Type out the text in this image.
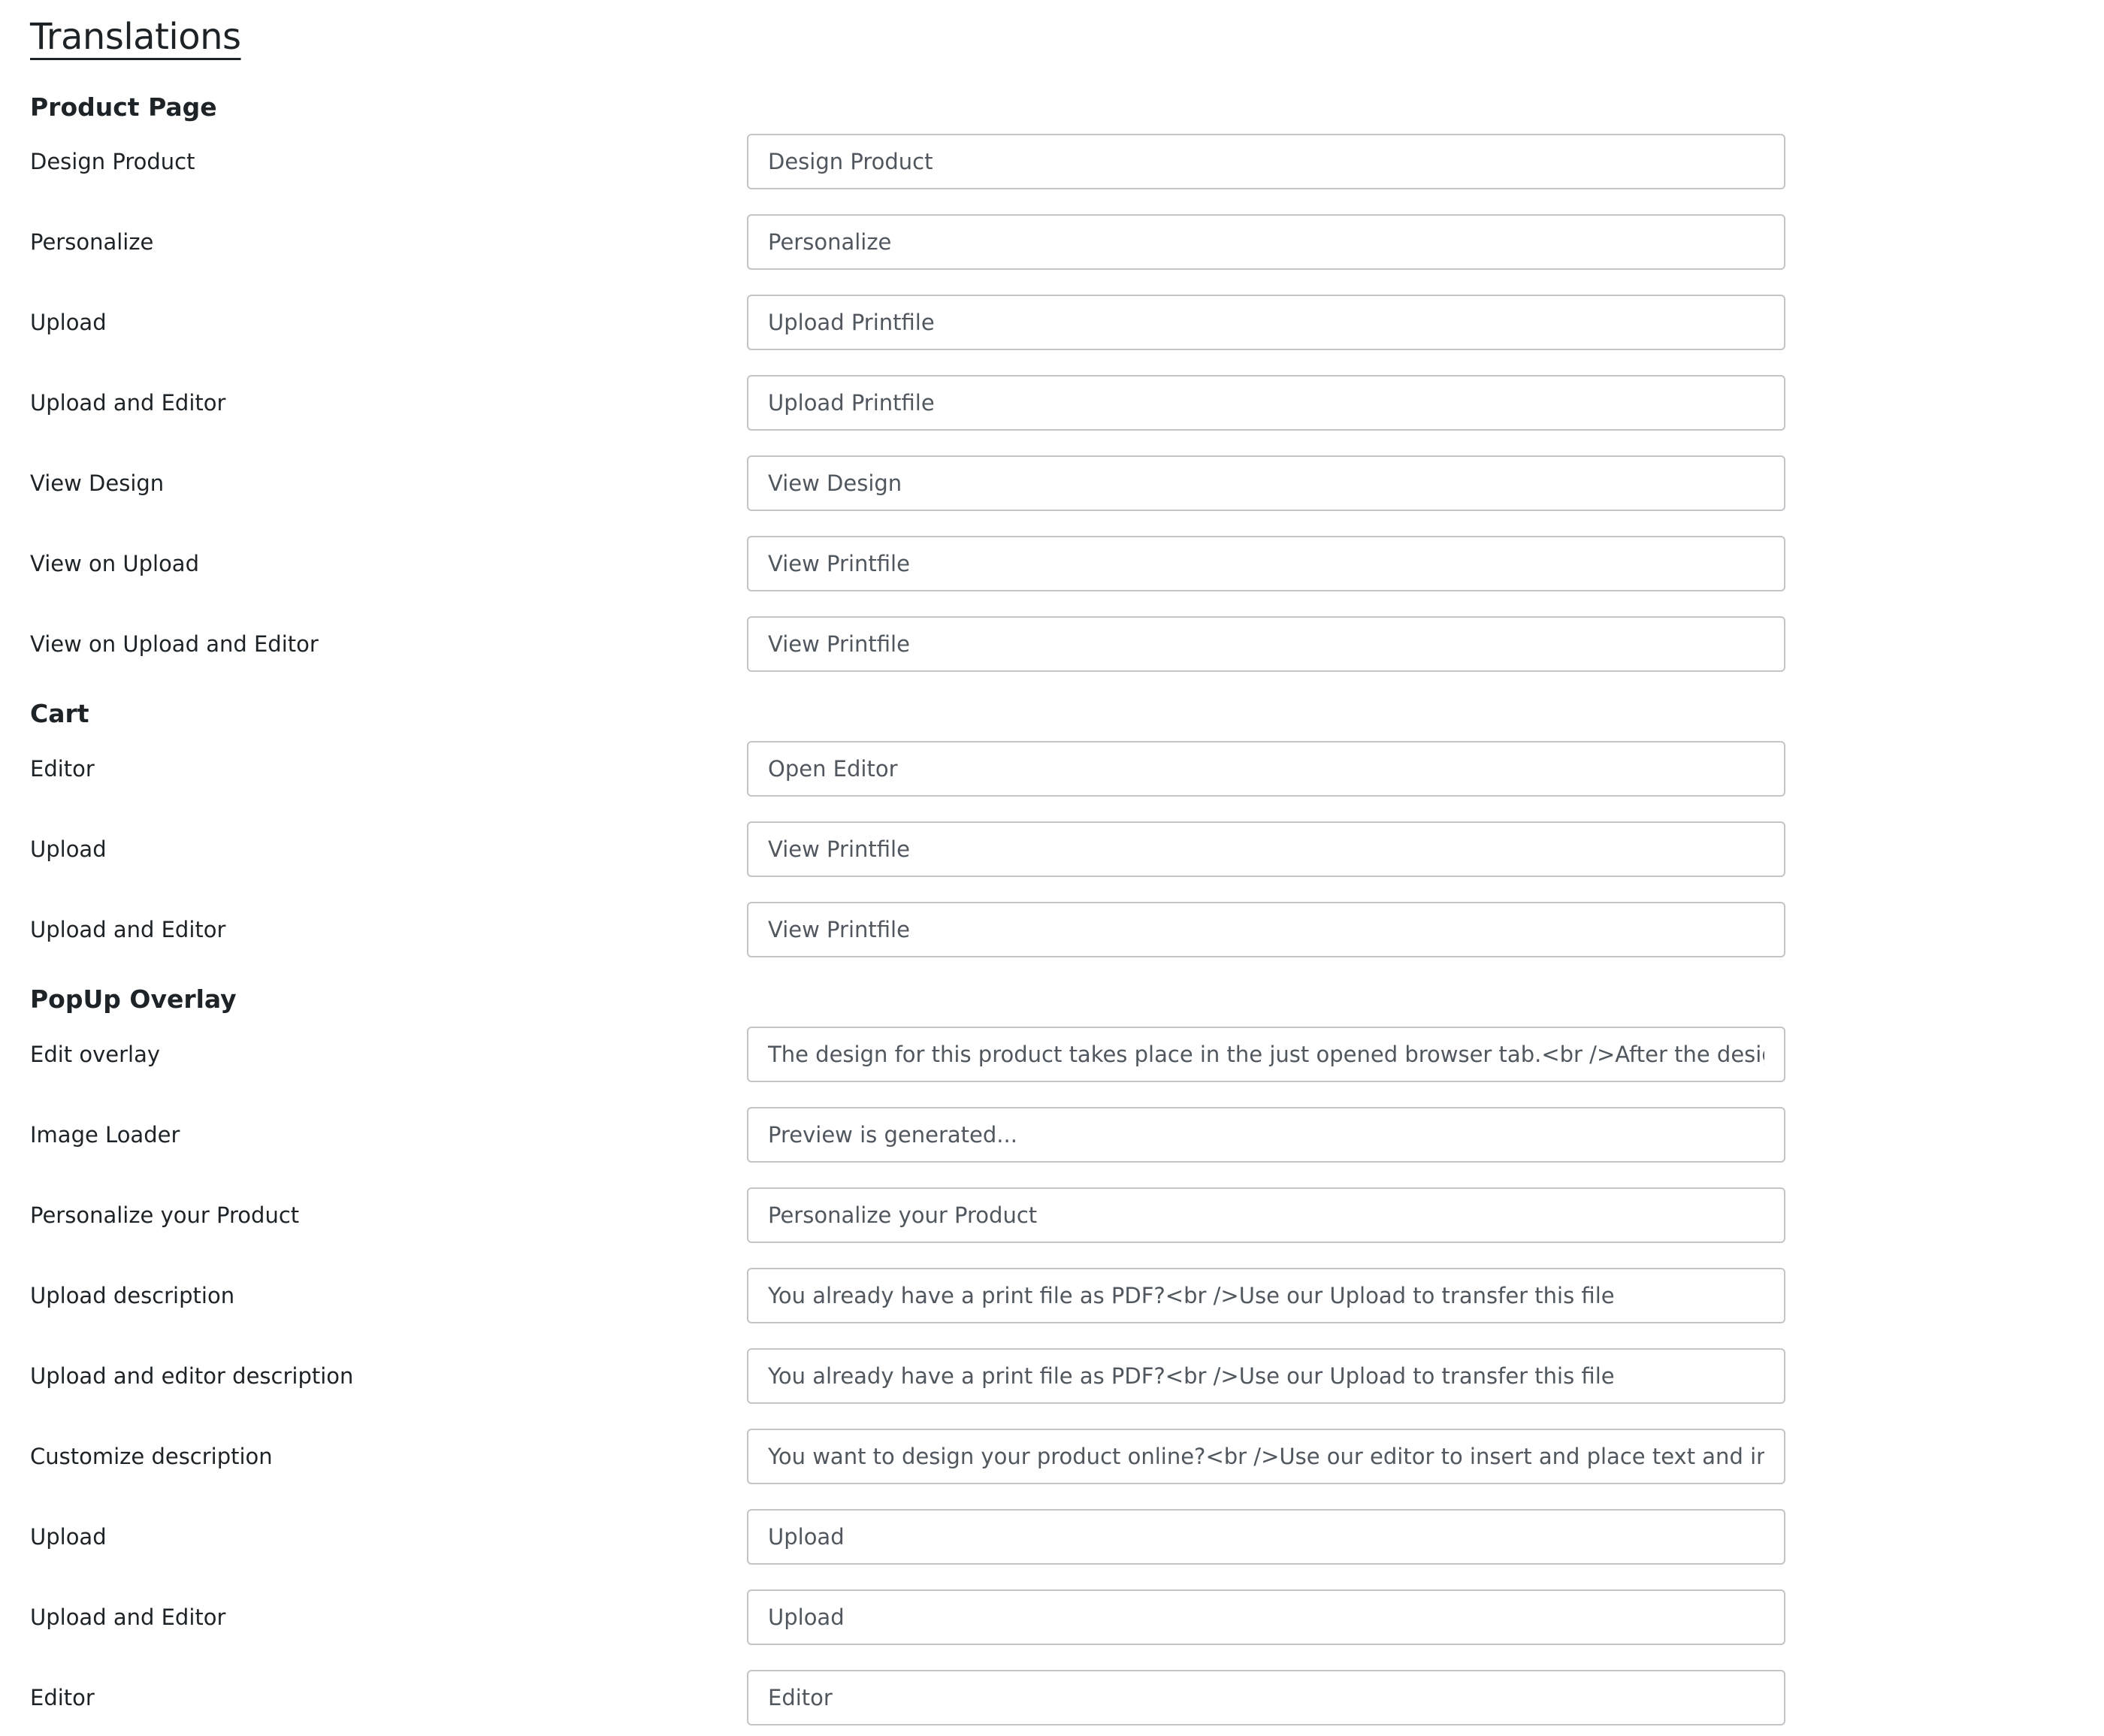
Translations
Product Page
Design Product
Design Product
Personalize
Personalize
Upload
Upload Printfile
Upload and Editor
Upload Printfile
View Design
View Design
View on Upload
View Printfile
View on Upload and Editor
View Printfile
Cart
Editor
Open Editor
Upload
View Printfile
Upload and Editor
View Printfile
PopUp Overlay
Edit overlay
The design for this product takes place in the just opened browser tab.<br />After the design is complete, close the tab to return to the shop.
Image Loader
Preview is generated...
Personalize your Product
Personalize your Product
Upload description
You already have a print file as PDF?<br />Use our Upload to transfer this file
Upload and editor description
You already have a print file as PDF?<br />Use our Upload to transfer this file
Customize description
You want to design your product online?<br />Use our editor to insert and place text and images
Upload
Upload
Upload and Editor
Upload
Editor
Editor
